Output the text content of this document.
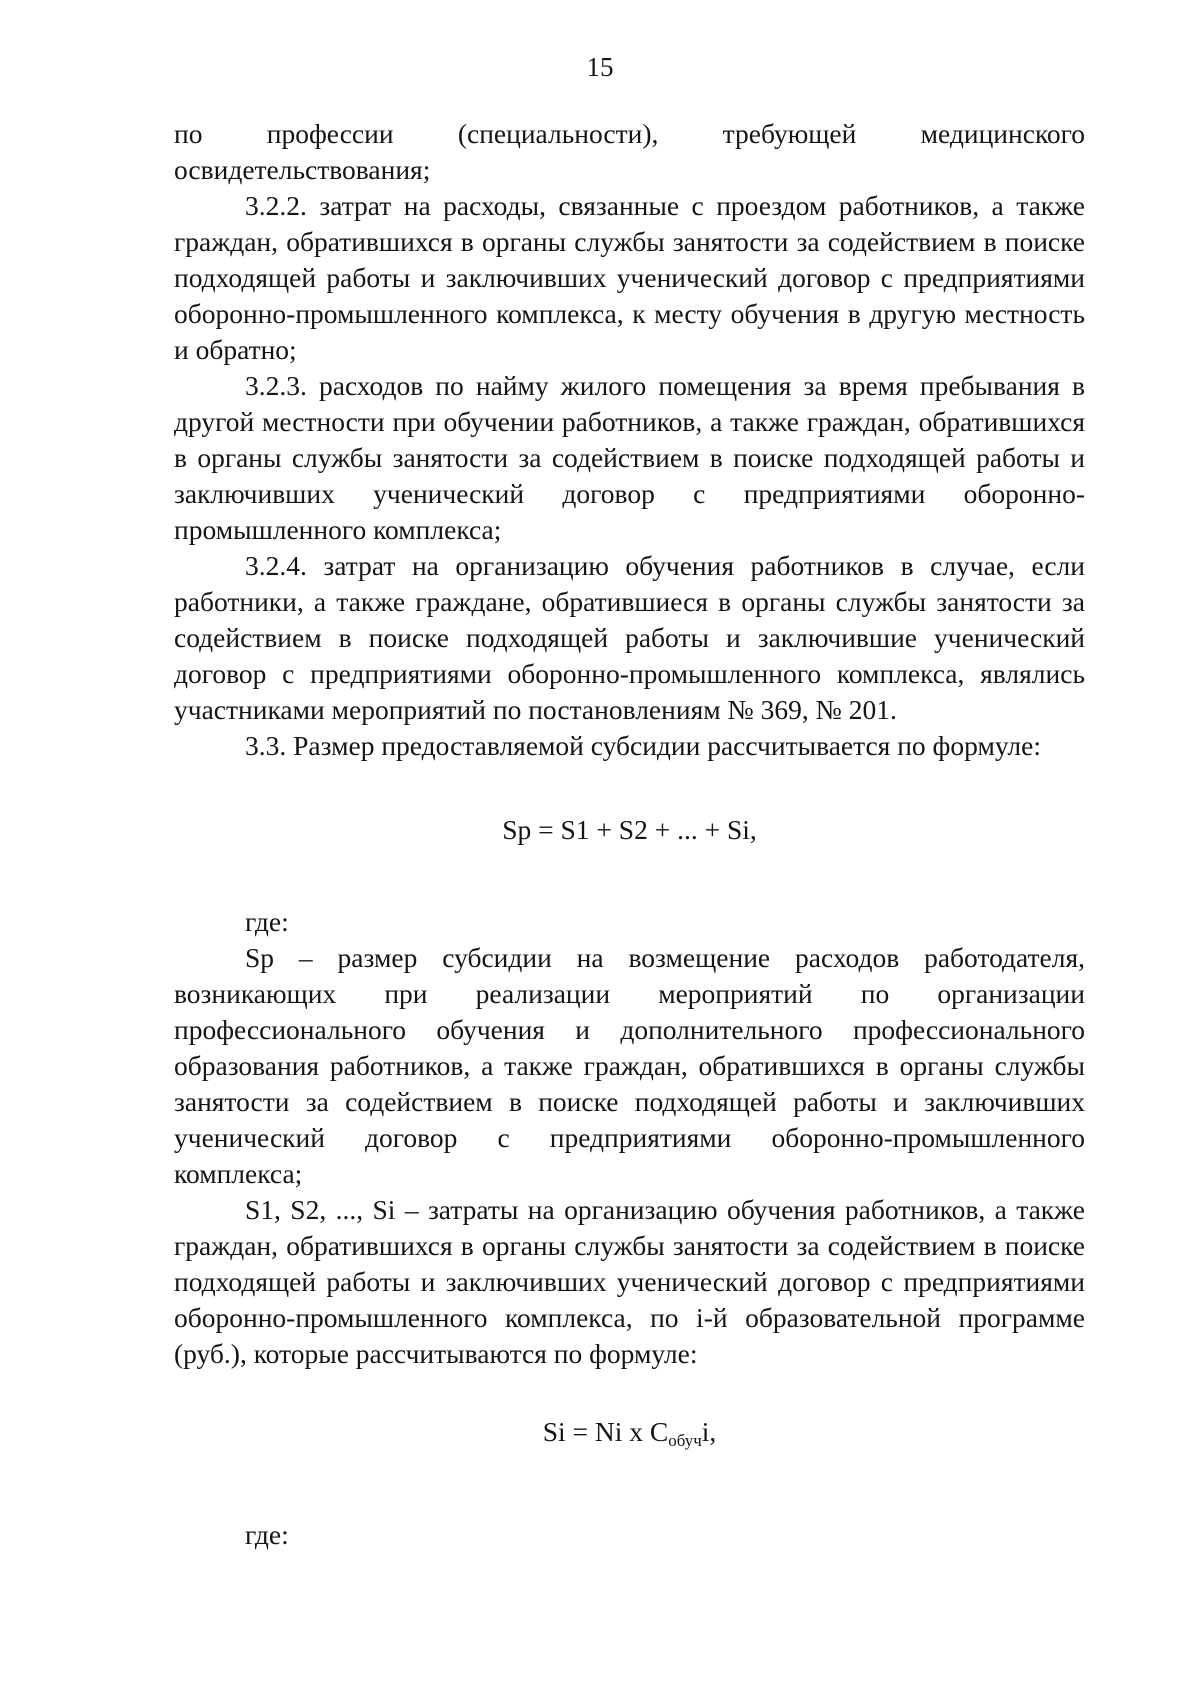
15

по профессии (специальности), требующей медицинского освидетельствования;

3.2.2. затрат на расходы, связанные с проездом работников, а также граждан, обратившихся в органы службы занятости за содействием в поиске подходящей работы и заключивших ученический договор с предприятиями оборонно-промышленного комплекса, к месту обучения в другую местность и обратно;

3.2.3. расходов по найму жилого помещения за время пребывания в другой местности при обучении работников, а также граждан, обратившихся в органы службы занятости за содействием в поиске подходящей работы и заключивших ученический договор с предприятиями оборонно-промышленного комплекса;

3.2.4. затрат на организацию обучения работников в случае, если работники, а также граждане, обратившиеся в органы службы занятости за содействием в поиске подходящей работы и заключившие ученический договор с предприятиями оборонно-промышленного комплекса, являлись участниками мероприятий по постановлениям № 369, № 201.

3.3. Размер предоставляемой субсидии рассчитывается по формуле:

Sp = S1 + S2 + ... + Si,

где:

Sp – размер субсидии на возмещение расходов работодателя, возникающих при реализации мероприятий по организации профессионального обучения и дополнительного профессионального образования работников, а также граждан, обратившихся в органы службы занятости за содействием в поиске подходящей работы и заключивших ученический договор с предприятиями оборонно-промышленного комплекса;

S1, S2, ..., Si – затраты на организацию обучения работников, а также граждан, обратившихся в органы службы занятости за содействием в поиске подходящей работы и заключивших ученический договор с предприятиями оборонно-промышленного комплекса, по i-й образовательной программе (руб.), которые рассчитываются по формуле:

Si = Ni x $C_{обуч}i$,

где:
